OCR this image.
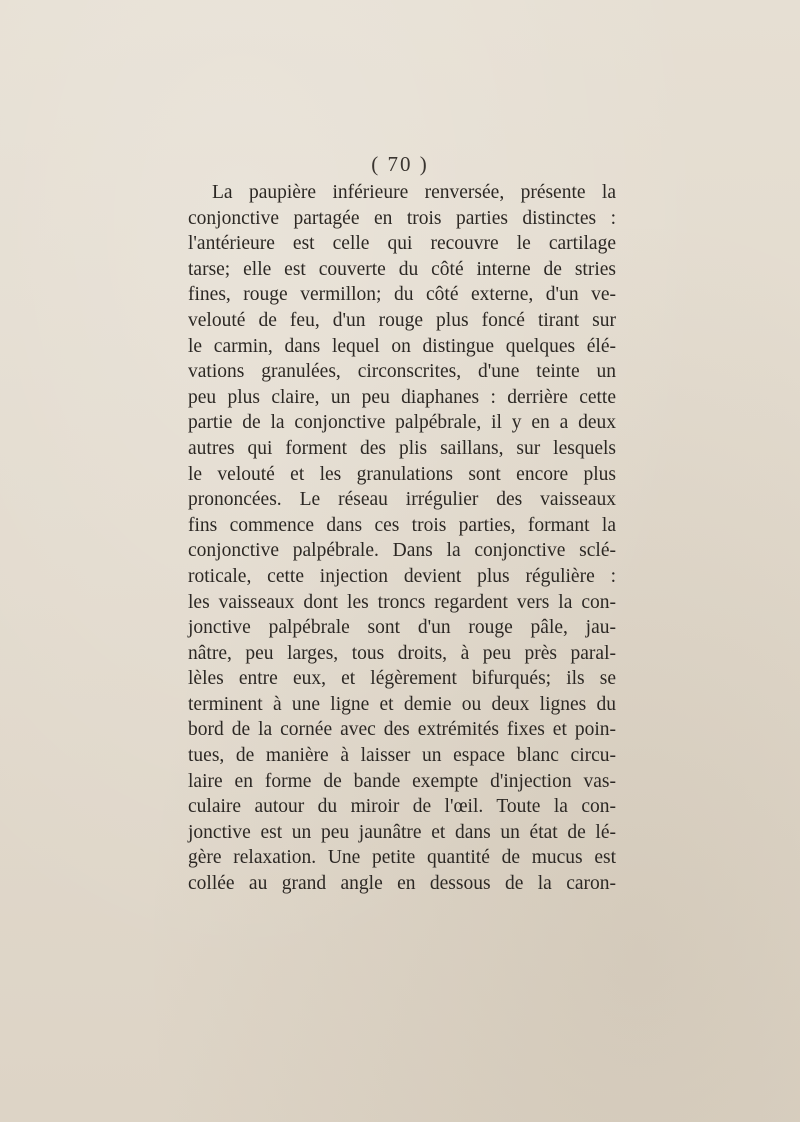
( 70 )
La paupière inférieure renversée, présente la
conjonctive partagée en trois parties distinctes :
l'antérieure est celle qui recouvre le cartilage
tarse; elle est couverte du côté interne de stries
fines, rouge vermillon; du côté externe, d'un ve-
velouté de feu, d'un rouge plus foncé tirant sur
le carmin, dans lequel on distingue quelques élé-
vations granulées, circonscrites, d'une teinte un
peu plus claire, un peu diaphanes : derrière cette
partie de la conjonctive palpébrale, il y en a deux
autres qui forment des plis saillans, sur lesquels
le velouté et les granulations sont encore plus
prononcées. Le réseau irrégulier des vaisseaux
fins commence dans ces trois parties, formant la
conjonctive palpébrale. Dans la conjonctive sclé-
roticale, cette injection devient plus régulière :
les vaisseaux dont les troncs regardent vers la con-
jonctive palpébrale sont d'un rouge pâle, jau-
nâtre, peu larges, tous droits, à peu près paral-
lèles entre eux, et légèrement bifurqués; ils se
terminent à une ligne et demie ou deux lignes du
bord de la cornée avec des extrémités fixes et poin-
tues, de manière à laisser un espace blanc circu-
laire en forme de bande exempte d'injection vas-
culaire autour du miroir de l'œil. Toute la con-
jonctive est un peu jaunâtre et dans un état de lé-
gère relaxation. Une petite quantité de mucus est
collée au grand angle en dessous de la caron-
